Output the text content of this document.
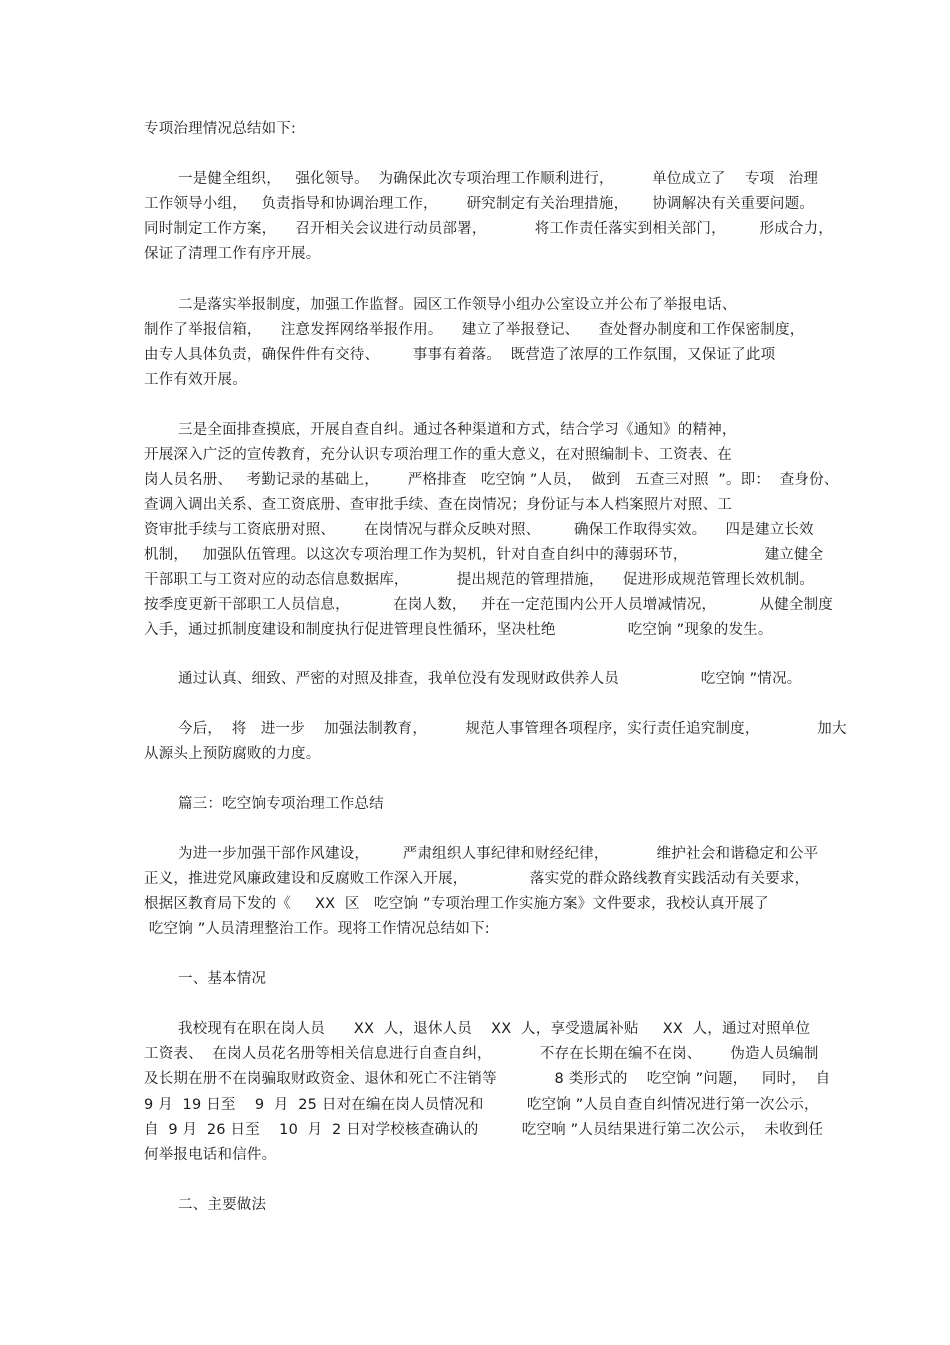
专项治理情况总结如下:
一是健全组织，   强化领导。  为确保此次专项治理工作顺利进行，        单位成立了    专项   治理
工作领导小组，   负责指导和协调治理工作，      研究制定有关治理措施，     协调解决有关重要问题。
同时制定工作方案，    召开相关会议进行动员部署，          将工作责任落实到相关部门，       形成合力，
保证了清理工作有序开展。
二是落实举报制度，加强工作监督。园区工作领导小组办公室设立并公布了举报电话、
制作了举报信箱，    注意发挥网络举报作用。    建立了举报登记、    查处督办制度和工作保密制度，
由专人具体负责，确保件件有交待、       事事有着落。  既营造了浓厚的工作氛围，又保证了此项
工作有效开展。
三是全面排查摸底，开展自查自纠。通过各种渠道和方式，结合学习《通知》的精神，
开展深入广泛的宣传教育，充分认识专项治理工作的重大意义，在对照编制卡、工资表、在
岗人员名册、   考勤记录的基础上，      严格排查   吃空饷 ”人员，  做到   五查三对照  ”。即：  查身份、
查调入调出关系、查工资底册、查审批手续、查在岗情况；身份证与本人档案照片对照、工
资审批手续与工资底册对照、      在岗情况与群众反映对照、       确保工作取得实效。    四是建立长效
机制，   加强队伍管理。以这次专项治理工作为契机，针对自查自纠中的薄弱环节，                建立健全
干部职工与工资对应的动态信息数据库，          提出规范的管理措施，    促进形成规范管理长效机制。
按季度更新干部职工人员信息，         在岗人数，   并在一定范围内公开人员增减情况，         从健全制度
入手，通过抓制度建设和制度执行促进管理良性循环，坚决杜绝               吃空饷 ”现象的发生。
通过认真、细致、严密的对照及排查，我单位没有发现财政供养人员                 吃空饷 ”情况。
今后，  将   进一步    加强法制教育，        规范人事管理各项程序，实行责任追究制度，            加大
从源头上预防腐败的力度。
篇三：吃空饷专项治理工作总结
为进一步加强干部作风建设，       严肃组织人事纪律和财经纪律，          维护社会和谐稳定和公平
正义，推进党风廉政建设和反腐败工作深入开展，             落实党的群众路线教育实践活动有关要求，
根据区教育局下发的《     XX  区   吃空饷 ”专项治理工作实施方案》文件要求，我校认真开展了
吃空饷 ”人员清理整治工作。现将工作情况总结如下:
一、基本情况
我校现有在职在岗人员      XX  人，退休人员    XX  人，享受遗属补贴     XX  人，通过对照单位
工资表、  在岗人员花名册等相关信息进行自查自纠，          不存在长期在编不在岗、      伪造人员编制
及长期在册不在岗骗取财政资金、退休和死亡不注销等            8 类形式的    吃空饷 ”问题，   同时，  自
9 月  19 日至    9  月  25 日对在编在岗人员情况和         吃空饷 ”人员自查自纠情况进行第一次公示，
自  9 月  26 日至    10  月  2 日对学校核查确认的         吃空响 ”人员结果进行第二次公示，  未收到任
何举报电话和信件。
二、主要做法
